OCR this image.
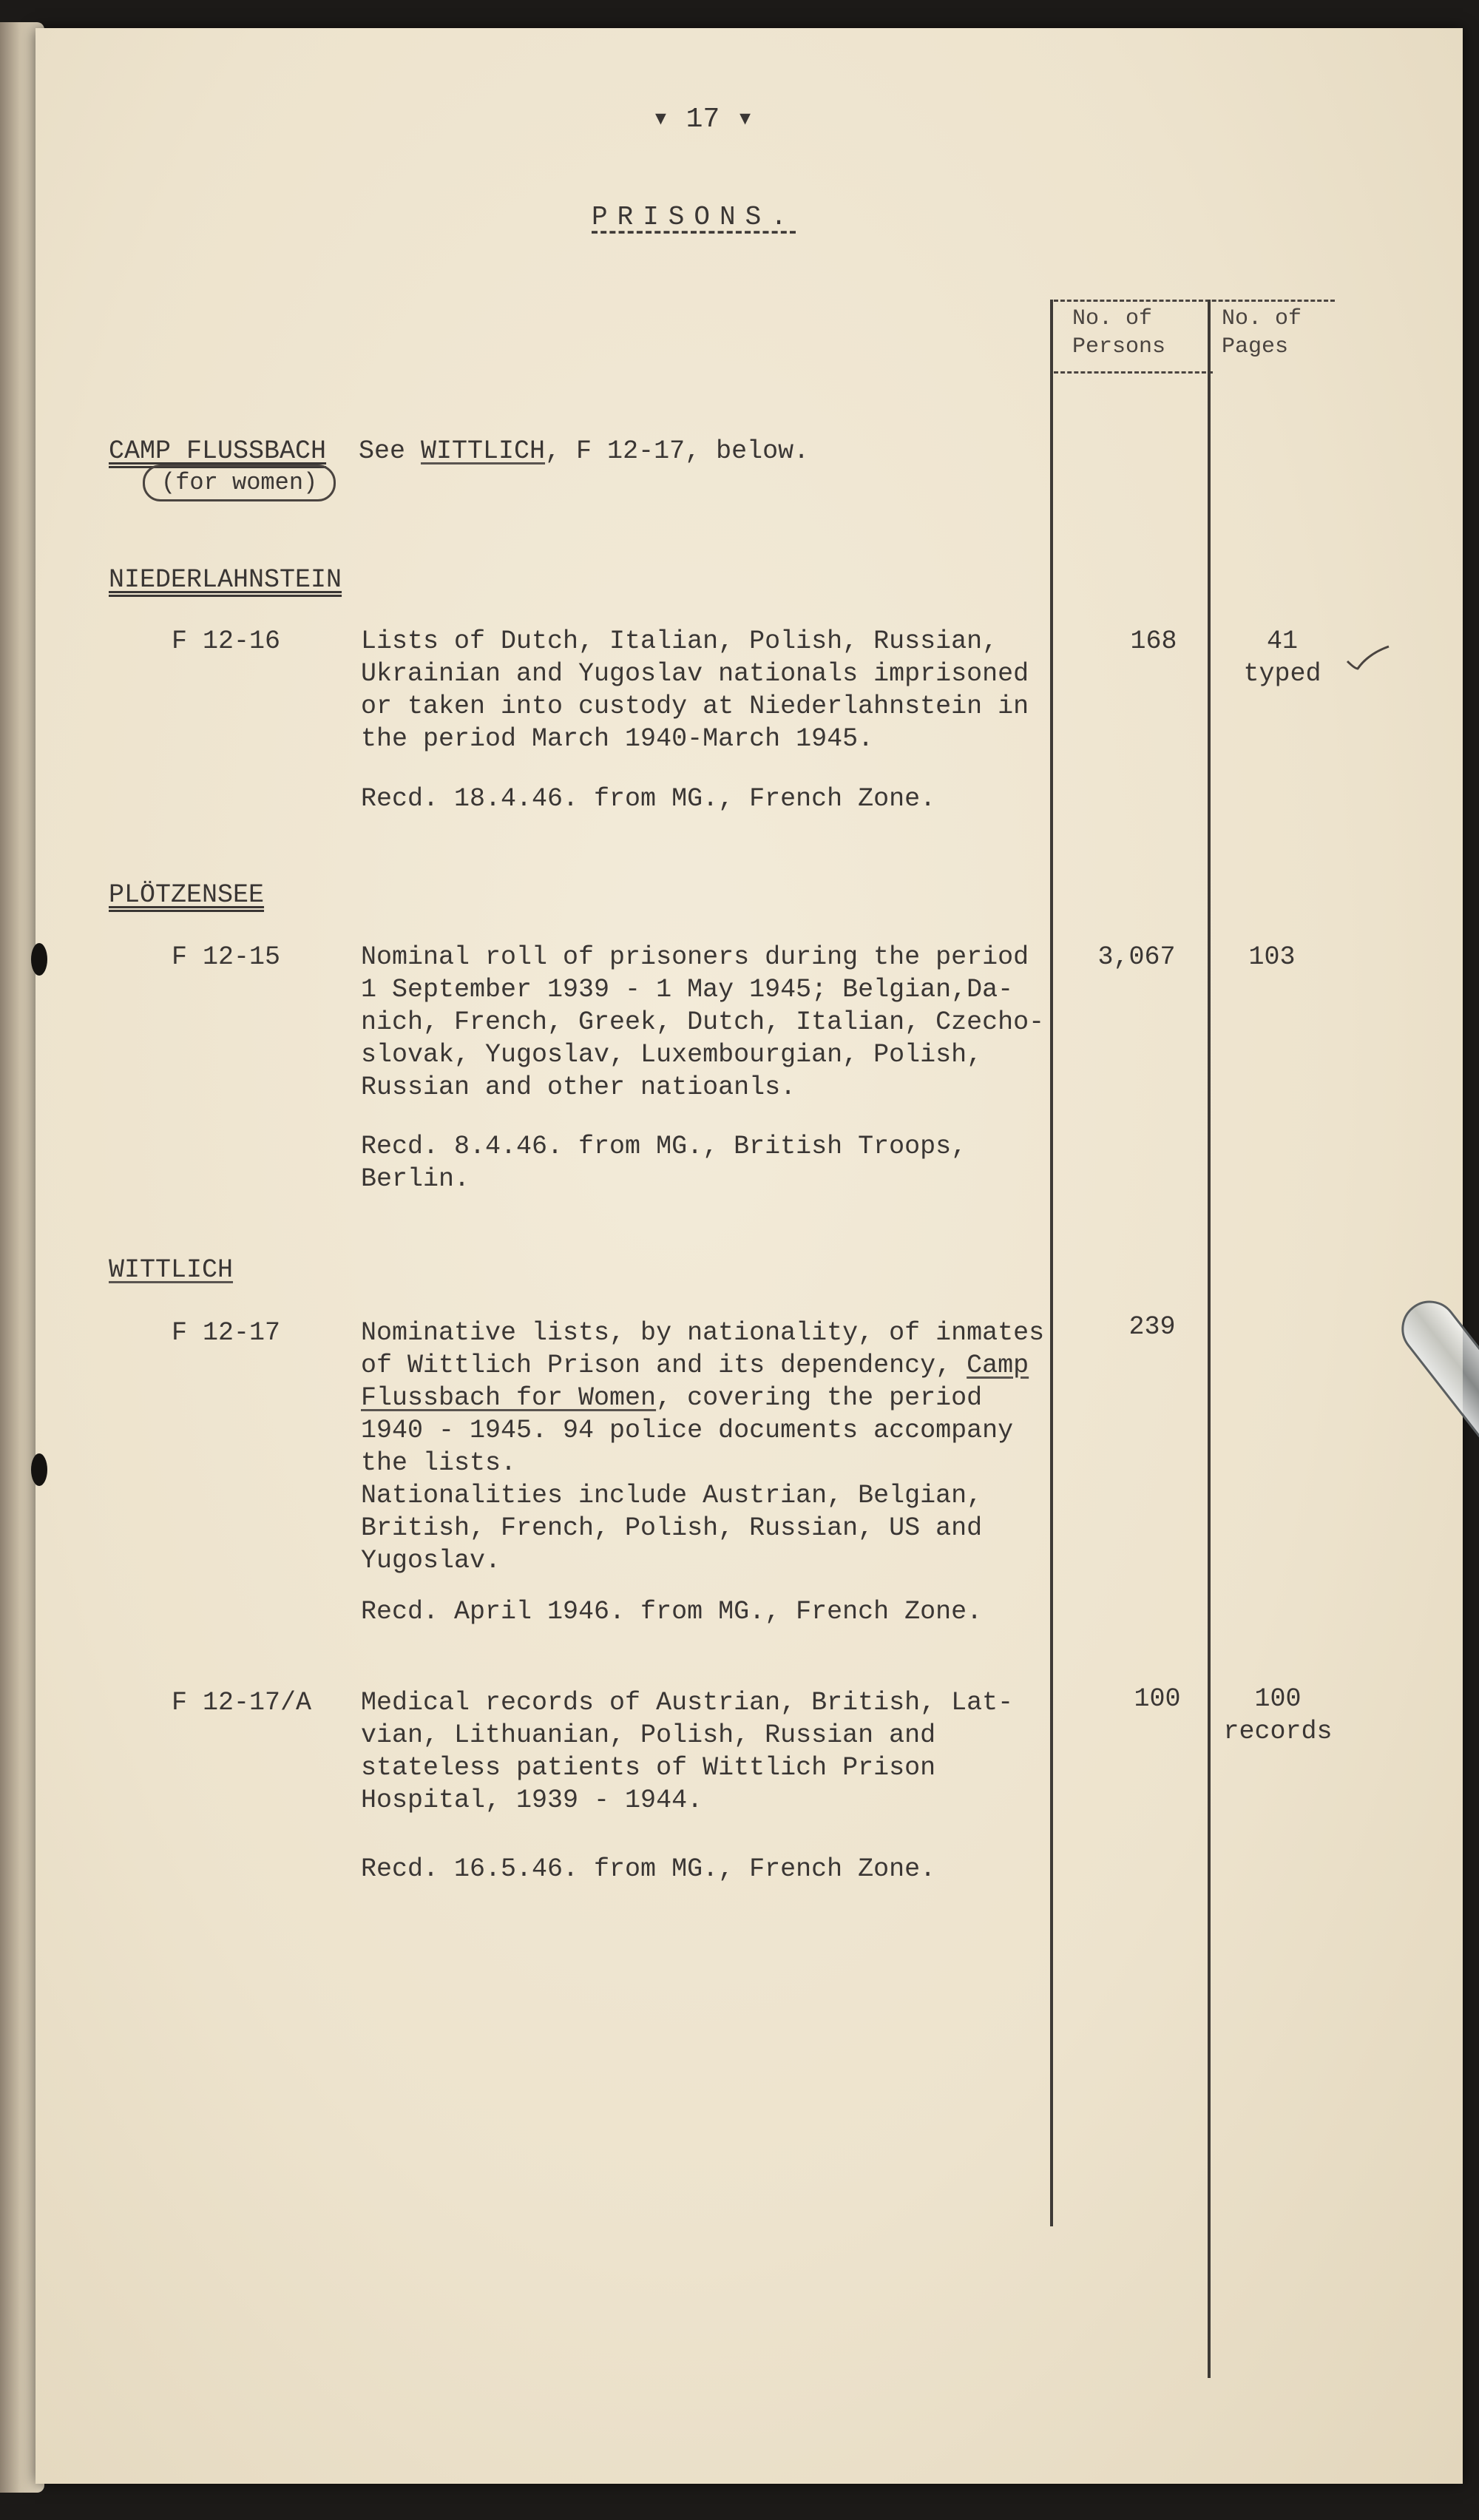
▾ 17 ▾
PRISONS.
No. of
Persons
No. of
Pages
CAMP FLUSSBACH
(for women)
See WITTLICH, F 12-17, below.
NIEDERLAHNSTEIN
F 12-16	Lists of Dutch, Italian, Polish, Russian,
Ukrainian and Yugoslav nationals imprisoned
or taken into custody at Niederlahnstein in
the period March 1940-March 1945.
Recd. 18.4.46. from MG., French Zone.
168	41
typed
PLÖTZENSEE
F 12-15	Nominal roll of prisoners during the period
1 September 1939 - 1 May 1945; Belgian,Da-
nich, French, Greek, Dutch, Italian, Czecho-
slovak, Yugoslav, Luxembourgian, Polish,
Russian and other natioanls.
Recd. 8.4.46. from MG., British Troops,
Berlin.
3,067	103
WITTLICH
F 12-17	Nominative lists, by nationality, of inmates
of Wittlich Prison and its dependency, Camp
Flussbach for Women, covering the period
1940 - 1945. 94 police documents accompany
the lists.
Nationalities include Austrian, Belgian,
British, French, Polish, Russian, US and
Yugoslav.
Recd. April 1946. from MG., French Zone.
239
F 12-17/A Medical records of Austrian, British, Lat-
vian, Lithuanian, Polish, Russian and
stateless patients of Wittlich Prison
Hospital, 1939 - 1944.
Recd. 16.5.46. from MG., French Zone.
100	100
records
